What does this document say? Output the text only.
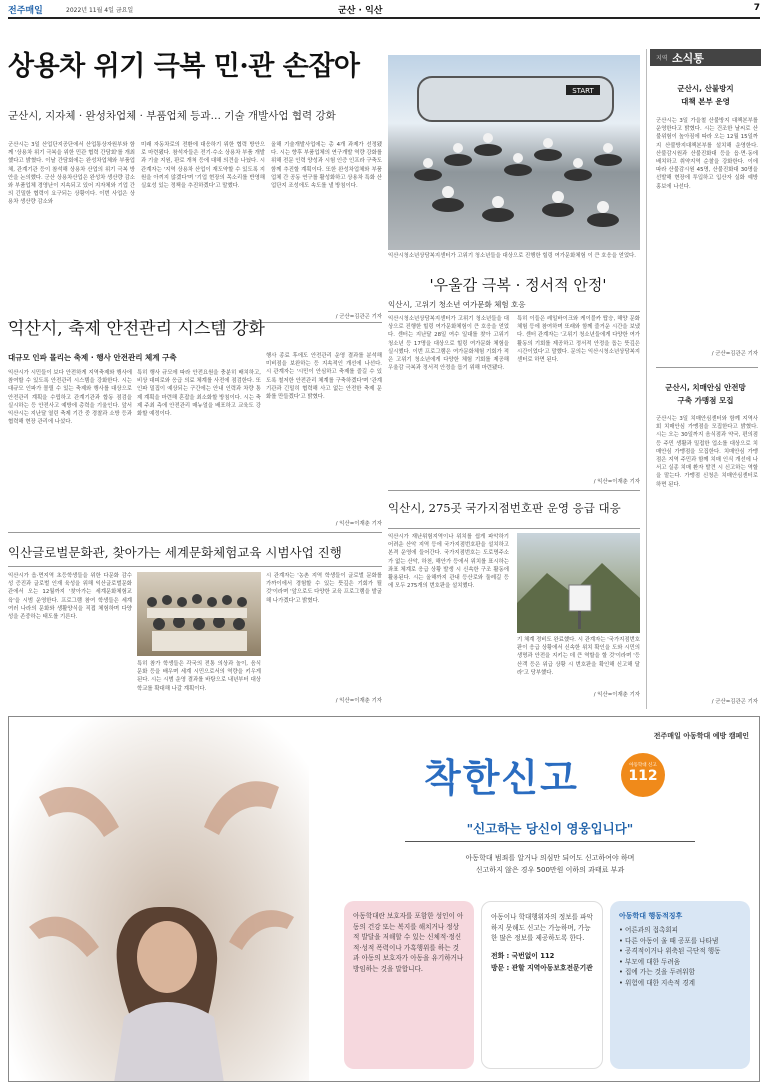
전주매일	2022년 11월 4일 금요일	군산 · 익산	7
상용차 위기 극복 민·관 손잡아
군산시, 지자체 · 완성차업체 · 부품업체 등과… 기술 개발사업 협력 강화
군산시는 3일 산업단지공단에서 산업통상자원부와 함께 '상용차 위기 극복을 위한 민관 협력 간담회'를 개최했다고 밝혔다. 이날 간담회에는 완성차업체와 부품업체, 관계기관 등이 참석해 상용차 산업의 위기 극복 방안을 논의했다. 군산 상용차산업은 완성차 생산량 감소와 부품업체 경영난이 지속되고 있어 지자체와 기업 간의 긴밀한 협력이 요구되는 상황이다. 이번 사업은 상용차 생산량 감소와
미래 자동차로의 전환에 대응하기 위한 협력 방안으로 마련됐다. 참석자들은 전기·수소 상용차 부품 개발과 기술 지원, 판로 개척 등에 대해 의견을 나눴다. 시 관계자는 '지역 상용차 산업이 재도약할 수 있도록 지원을 아끼지 않겠다'며 '기업 현장의 목소리를 반영해 실효성 있는 정책을 추진하겠다'고 말했다.
올해 기술개발사업에는 총 4개 과제가 선정됐다. 시는 향후 부품업체의 연구개발 역량 강화를 위해 전문 인력 양성과 시험 인증 인프라 구축도 함께 추진할 계획이다. 또한 완성차업체와 부품업체 간 공동 연구를 활성화하고 상용차 특화 산업단지 조성에도 속도를 낼 방침이다.
/ 군산=김관곤 기자
START
익산시청소년상담복지센터가 고위기 청소년들을 대상으로 진행한 힐링 여가문화체험 이 큰 호응을 얻었다.
'우울감 극복 · 정서적 안정'
익산시, 고위기 청소년 여가문화 체험 호응
익산시청소년상담복지센터가 고위기 청소년들을 대상으로 진행한 힐링 여가문화체험이 큰 호응을 얻었다. 센터는 지난달 28일 여수 일대를 찾아 고위기 청소년 등 17명을 대상으로 힐링 여가문화 체험을 실시했다. 이번 프로그램은 여가문화체험 기회가 적은 고위기 청소년에게 다양한 체험 기회를 제공해 우울감 극복과 정서적 안정을 돕기 위해 마련됐다.
특히 이들은 레일바이크와 케이블카 탑승, 해양 문화 체험 등에 참여하며 또래와 함께 즐거운 시간을 보냈다. 센터 관계자는 '고위기 청소년들에게 다양한 여가활동의 기회를 제공하고 정서적 안정을 돕는 뜻깊은 시간이었다'고 말했다. 문의는 익산시청소년상담복지센터로 하면 된다.
/ 익산=이재춘 기자
익산시, 축제 안전관리 시스템 강화
대규모 인파 몰리는 축제 · 행사 안전관리 체계 구축
익산시가 시민들이 보다 안전하게 지역축제와 행사에 참여할 수 있도록 안전관리 시스템을 강화한다. 시는 대규모 인파가 몰릴 수 있는 축제와 행사를 대상으로 안전관리 계획을 수립하고 관계기관과 합동 점검을 실시하는 등 안전사고 예방에 총력을 기울인다. 앞서 익산시는 지난달 열린 축제 기간 중 경찰과 소방 등과 협력해 현장 관리에 나섰다.
특히 행사 규모에 따라 안전요원을 충분히 배치하고, 비상 대피로와 응급 의료 체계를 사전에 점검한다. 또 인파 밀집이 예상되는 구간에는 안내 인력과 차량 통제 계획을 마련해 혼잡을 최소화할 방침이다. 시는 축제 주최 측에 안전관리 매뉴얼을 배포하고 교육도 강화할 예정이다.
행사 종료 후에도 안전관리 운영 결과를 분석해 미비점을 보완하는 등 지속적인 개선에 나선다. 시 관계자는 '시민이 안심하고 축제를 즐길 수 있도록 철저한 안전관리 체계를 구축하겠다'며 '관계기관과 긴밀히 협력해 사고 없는 안전한 축제 문화를 만들겠다'고 밝혔다.
/ 익산=이재춘 기자
익산시, 275곳 국가지점번호판 운영 응급 대응
익산시가 재난위험지역이나 위치를 쉽게 파악하기 어려운 산악 지역 등에 국가지점번호판을 설치하고 본격 운영에 들어간다. 국가지점번호는 도로명주소가 없는 산악, 하천, 해안가 등에서 위치를 표시하는 좌표 체계로 응급 상황 발생 시 신속한 구조 활동에 활용된다. 시는 올해까지 관내 등산로와 둘레길 등에 모두 275개의 번호판을 설치했다.
기 체계 정비도 완료했다. 시 관계자는 '국가지점번호판이 응급 상황에서 신속한 위치 확인을 도와 시민의 생명과 안전을 지키는 데 큰 역할을 할 것'이라며 '등산객 등은 위급 상황 시 번호판을 확인해 신고해 달라'고 당부했다.
/ 익산=이재춘 기자
익산글로벌문화관, 찾아가는 세계문화체험교육 시범사업 진행
익산시가 읍·면지역 초등학생들을 위한 다문화 감수성 증진과 글로벌 인재 육성을 위해 익산글로벌문화관에서 오는 12월까지 '찾아가는 세계문화체험교육'을 시범 운영한다. 프로그램 참여 학생들은 세계 여러 나라의 문화와 생활양식을 직접 체험하며 다양성을 존중하는 태도를 기른다.
특히 참가 학생들은 각국의 전통 의상과 놀이, 음식 문화 등을 배우며 세계 시민으로서의 역량을 키우게 된다. 시는 시범 운영 결과를 바탕으로 내년부터 대상 학교를 확대해 나갈 계획이다.
시 관계자는 '농촌 지역 학생들이 글로벌 문화를 가까이에서 경험할 수 있는 뜻깊은 기회가 될 것'이라며 '앞으로도 다양한 교육 프로그램을 발굴해 나가겠다'고 밝혔다.
/ 익산=이재춘 기자
지역 소식통
군산시, 산불방지
대책 본부 운영
군산시는 3일 가을철 산불방지 대책본부를 운영한다고 밝혔다. 시는 건조한 날씨로 산불위험이 높아짐에 따라 오는 12월 15일까지 산불방지대책본부를 설치해 운영한다. 산불감시원과 산불진화대 등을 읍·면·동에 배치하고 취약지역 순찰을 강화한다. 이에 따라 산불감시원 45명, 산불진화대 30명을 선발해 현장에 투입하고 입산자 실화 예방 홍보에 나선다.
/ 군산=김관곤 기자
군산시, 치매안심 안전망
구축 가맹점 모집
군산시는 3일 치매안심센터와 함께 지역사회 치매안심 가맹점을 모집한다고 밝혔다. 시는 오는 30일까지 음식점과 약국, 편의점 등 주민 생활과 밀접한 업소를 대상으로 치매안심 가맹점을 모집한다. 치매안심 가맹점은 지역 주민과 함께 치매 인식 개선에 나서고 실종 치매 환자 발견 시 신고하는 역할을 맡는다. 가맹점 신청은 치매안심센터로 하면 된다.
/ 군산=김관곤 기자
전주매일 아동학대 예방 캠페인
착한신고	아동학대 신고
112
"신고하는 당신이 영웅입니다"
아동학대 범죄를 알거나 의심만 되어도 신고하여야 하며
신고하지 않은 경우 500만원 이하의 과태료 부과
아동학대란 보호자를 포함한 성인이 아동의 건강 또는 복지를 해치거나 정상적 발달을 저해할 수 있는 신체적·정신적·성적 폭력이나 가혹행위를 하는 것과 아동의 보호자가 아동을 유기하거나 방임하는 것을 말합니다.
아동이나 학대행위자의 정보를 파악하지 못해도 신고는 가능하며, 가능한 많은 정보를 제공하도록 한다.
전화 : 국번없이 112
방문 : 관할 지역아동보호전문기관
아동학대 행동적징후
• 어른과의 접촉회피
• 다른 아동이 울 때 공포를 나타냄
• 공격적이거나 위축된 극단적 행동
• 부모에 대한 두려움
• 집에 가는 것을 두려워함
• 위험에 대한 지속적 경계
